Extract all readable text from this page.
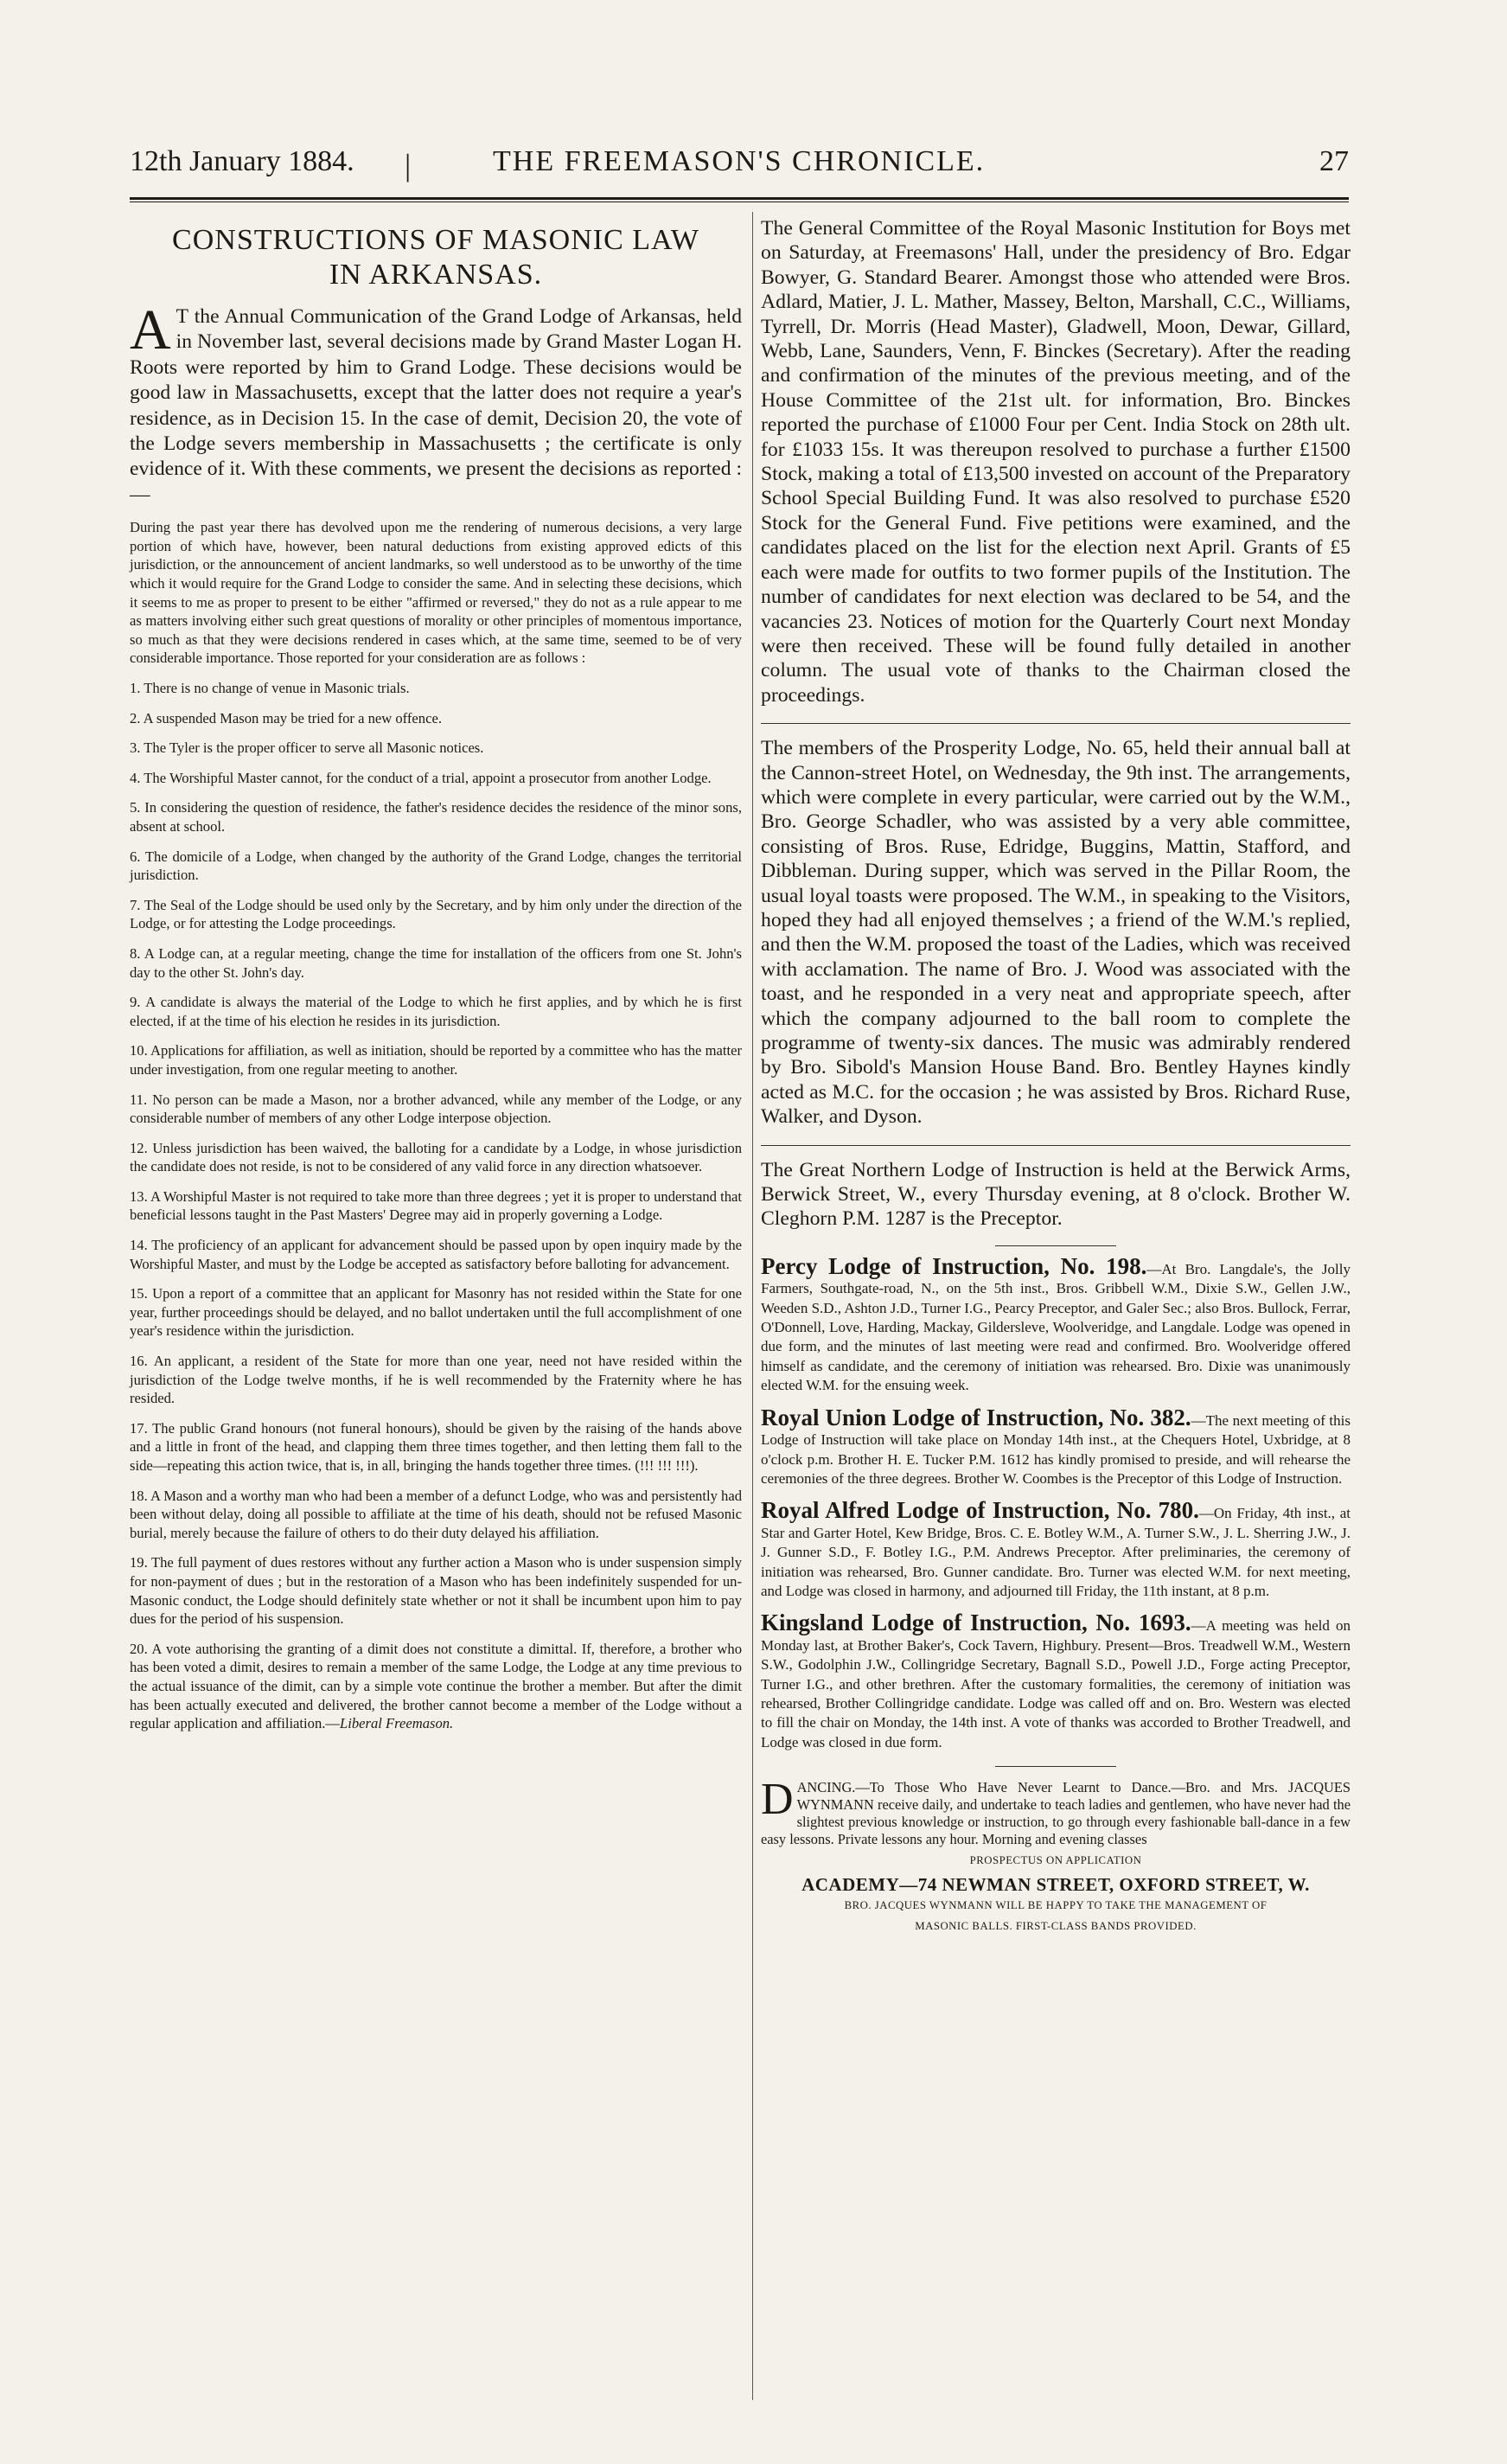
12th January 1884. |	THE FREEMASON'S CHRONICLE.	27
CONSTRUCTIONS OF MASONIC LAW
IN ARKANSAS.

A T the Annual Communication of the Grand Lodge of Arkansas, held in November last, several decisions made by Grand Master Logan H. Roots were reported by him to Grand Lodge. These decisions would be good law in Massachusetts, except that the latter does not require a year's residence, as in Decision 15. In the case of demit, Decision 20, the vote of the Lodge severs membership in Massachusetts ; the certificate is only evidence of it. With these comments, we present the decisions as reported :—

During the past year there has devolved upon me the rendering of numerous decisions, a very large portion of which have, however, been natural deductions from existing approved edicts of this jurisdiction, or the announcement of ancient landmarks, so well understood as to be unworthy of the time which it would require for the Grand Lodge to consider the same. And in selecting these decisions, which it seems to me as proper to present to be either "affirmed or reversed," they do not as a rule appear to me as matters involving either such great questions of morality or other principles of momentous importance, so much as that they were decisions rendered in cases which, at the same time, seemed to be of very considerable importance. Those reported for your consideration are as follows :

1. There is no change of venue in Masonic trials.

2. A suspended Mason may be tried for a new offence.

3. The Tyler is the proper officer to serve all Masonic notices.

4. The Worshipful Master cannot, for the conduct of a trial, appoint a prosecutor from another Lodge.

5. In considering the question of residence, the father's residence decides the residence of the minor sons, absent at school.

6. The domicile of a Lodge, when changed by the authority of the Grand Lodge, changes the territorial jurisdiction.

7. The Seal of the Lodge should be used only by the Secretary, and by him only under the direction of the Lodge, or for attesting the Lodge proceedings.

8. A Lodge can, at a regular meeting, change the time for installation of the officers from one St. John's day to the other St. John's day.

9. A candidate is always the material of the Lodge to which he first applies, and by which he is first elected, if at the time of his election he resides in its jurisdiction.

10. Applications for affiliation, as well as initiation, should be reported by a committee who has the matter under investigation, from one regular meeting to another.

11. No person can be made a Mason, nor a brother advanced, while any member of the Lodge, or any considerable number of members of any other Lodge interpose objection.

12. Unless jurisdiction has been waived, the balloting for a candidate by a Lodge, in whose jurisdiction the candidate does not reside, is not to be considered of any valid force in any direction whatsoever.

13. A Worshipful Master is not required to take more than three degrees ; yet it is proper to understand that beneficial lessons taught in the Past Masters' Degree may aid in properly governing a Lodge.

14. The proficiency of an applicant for advancement should be passed upon by open inquiry made by the Worshipful Master, and must by the Lodge be accepted as satisfactory before balloting for advancement.

15. Upon a report of a committee that an applicant for Masonry has not resided within the State for one year, further proceedings should be delayed, and no ballot undertaken until the full accomplishment of one year's residence within the jurisdiction.

16. An applicant, a resident of the State for more than one year, need not have resided within the jurisdiction of the Lodge twelve months, if he is well recommended by the Fraternity where he has resided.

17. The public Grand honours (not funeral honours), should be given by the raising of the hands above and a little in front of the head, and clapping them three times together, and then letting them fall to the side—repeating this action twice, that is, in all, bringing the hands together three times. (!!! !!! !!!).

18. A Mason and a worthy man who had been a member of a defunct Lodge, who was and persistently had been without delay, doing all possible to affiliate at the time of his death, should not be refused Masonic burial, merely because the failure of others to do their duty delayed his affiliation.

19. The full payment of dues restores without any further action a Mason who is under suspension simply for non-payment of dues ; but in the restoration of a Mason who has been indefinitely suspended for un-Masonic conduct, the Lodge should definitely state whether or not it shall be incumbent upon him to pay dues for the period of his suspension.

20. A vote authorising the granting of a dimit does not constitute a dimittal. If, therefore, a brother who has been voted a dimit, desires to remain a member of the same Lodge, the Lodge at any time previous to the actual issuance of the dimit, can by a simple vote continue the brother a member. But after the dimit has been actually executed and delivered, the brother cannot become a member of the Lodge without a regular application and affiliation.—Liberal Freemason.

The General Committee of the Royal Masonic Institution for Boys met on Saturday, at Freemasons' Hall, under the presidency of Bro. Edgar Bowyer, G. Standard Bearer. Amongst those who attended were Bros. Adlard, Matier, J. L. Mather, Massey, Belton, Marshall, C.C., Williams, Tyrrell, Dr. Morris (Head Master), Gladwell, Moon, Dewar, Gillard, Webb, Lane, Saunders, Venn, F. Binckes (Secretary). After the reading and confirmation of the minutes of the previous meeting, and of the House Committee of the 21st ult. for information, Bro. Binckes reported the purchase of £1000 Four per Cent. India Stock on 28th ult. for £1033 15s. It was thereupon resolved to purchase a further £1500 Stock, making a total of £13,500 invested on account of the Preparatory School Special Building Fund. It was also resolved to purchase £520 Stock for the General Fund. Five petitions were examined, and the candidates placed on the list for the election next April. Grants of £5 each were made for outfits to two former pupils of the Institution. The number of candidates for next election was declared to be 54, and the vacancies 23. Notices of motion for the Quarterly Court next Monday were then received. These will be found fully detailed in another column. The usual vote of thanks to the Chairman closed the proceedings.

The members of the Prosperity Lodge, No. 65, held their annual ball at the Cannon-street Hotel, on Wednesday, the 9th inst. The arrangements, which were complete in every particular, were carried out by the W.M., Bro. George Schadler, who was assisted by a very able committee, consisting of Bros. Ruse, Edridge, Buggins, Mattin, Stafford, and Dibbleman. During supper, which was served in the Pillar Room, the usual loyal toasts were proposed. The W.M., in speaking to the Visitors, hoped they had all enjoyed themselves ; a friend of the W.M.'s replied, and then the W.M. proposed the toast of the Ladies, which was received with acclamation. The name of Bro. J. Wood was associated with the toast, and he responded in a very neat and appropriate speech, after which the company adjourned to the ball room to complete the programme of twenty-six dances. The music was admirably rendered by Bro. Sibold's Mansion House Band. Bro. Bentley Haynes kindly acted as M.C. for the occasion ; he was assisted by Bros. Richard Ruse, Walker, and Dyson.

The Great Northern Lodge of Instruction is held at the Berwick Arms, Berwick Street, W., every Thursday evening, at 8 o'clock. Brother W. Cleghorn P.M. 1287 is the Preceptor.

Percy Lodge of Instruction, No. 198.—At Bro. Langdale's, the Jolly Farmers, Southgate-road, N., on the 5th inst., Bros. Gribbell W.M., Dixie S.W., Gellen J.W., Weeden S.D., Ashton J.D., Turner I.G., Pearcy Preceptor, and Galer Sec.; also Bros. Bullock, Ferrar, O'Donnell, Love, Harding, Mackay, Gildersleve, Woolveridge, and Langdale. Lodge was opened in due form, and the minutes of last meeting were read and confirmed. Bro. Woolveridge offered himself as candidate, and the ceremony of initiation was rehearsed. Bro. Dixie was unanimously elected W.M. for the ensuing week.

Royal Union Lodge of Instruction, No. 382.—The next meeting of this Lodge of Instruction will take place on Monday 14th inst., at the Chequers Hotel, Uxbridge, at 8 o'clock p.m. Brother H. E. Tucker P.M. 1612 has kindly promised to preside, and will rehearse the ceremonies of the three degrees. Brother W. Coombes is the Preceptor of this Lodge of Instruction.

Royal Alfred Lodge of Instruction, No. 780.—On Friday, 4th inst., at Star and Garter Hotel, Kew Bridge, Bros. C. E. Botley W.M., A. Turner S.W., J. L. Sherring J.W., J. J. Gunner S.D., F. Botley I.G., P.M. Andrews Preceptor. After preliminaries, the ceremony of initiation was rehearsed, Bro. Gunner candidate. Bro. Turner was elected W.M. for next meeting, and Lodge was closed in harmony, and adjourned till Friday, the 11th instant, at 8 p.m.

Kingsland Lodge of Instruction, No. 1693.—A meeting was held on Monday last, at Brother Baker's, Cock Tavern, Highbury. Present—Bros. Treadwell W.M., Western S.W., Godolphin J.W., Collingridge Secretary, Bagnall S.D., Powell J.D., Forge acting Preceptor, Turner I.G., and other brethren. After the customary formalities, the ceremony of initiation was rehearsed, Brother Collingridge candidate. Lodge was called off and on. Bro. Western was elected to fill the chair on Monday, the 14th inst. A vote of thanks was accorded to Brother Treadwell, and Lodge was closed in due form.

DANCING.—To Those Who Have Never Learnt to Dance.—Bro. and Mrs. JACQUES WYNMANN receive daily, and undertake to teach ladies and gentlemen, who have never had the slightest previous knowledge or instruction, to go through every fashionable ball-dance in a few easy lessons. Private lessons any hour. Morning and evening classes
PROSPECTUS ON APPLICATION
ACADEMY—74 NEWMAN STREET, OXFORD STREET, W.
BRO. JACQUES WYNMANN WILL BE HAPPY TO TAKE THE MANAGEMENT OF
MASONIC BALLS. FIRST-CLASS BANDS PROVIDED.
